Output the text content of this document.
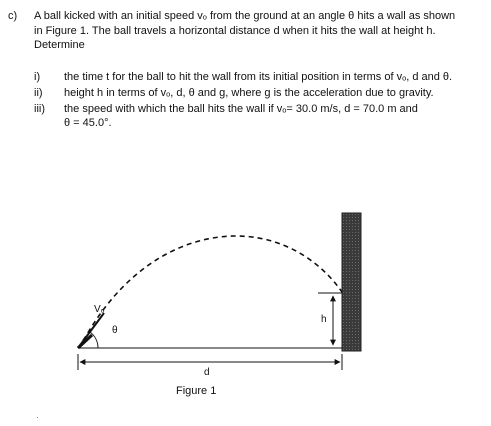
c) A ball kicked with an initial speed vₒ from the ground at an angle θ hits a wall as shown
in Figure 1. The ball travels a horizontal distance d when it hits the wall at height h.
Determine
i) the time t for the ball to hit the wall from its initial position in terms of vₒ, d and θ.
ii) height h in terms of vₒ, d, θ and g, where g is the acceleration due to gravity.
iii) the speed with which the ball hits the wall if vₒ= 30.0 m/s, d = 70.0 m and
θ = 45.0°.
Vₒ
θ
h
d
Figure 1
·
